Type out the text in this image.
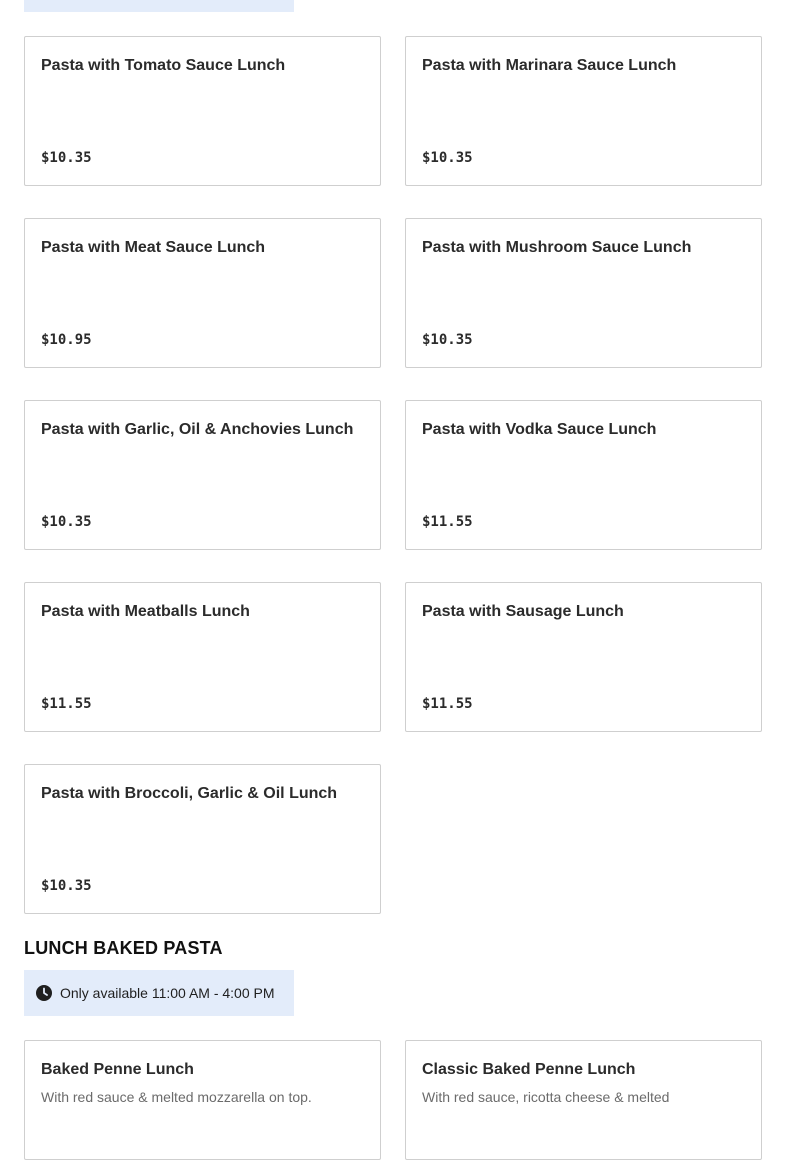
Pasta with Tomato Sauce Lunch
$10.35
Pasta with Marinara Sauce Lunch
$10.35
Pasta with Meat Sauce Lunch
$10.95
Pasta with Mushroom Sauce Lunch
$10.35
Pasta with Garlic, Oil & Anchovies Lunch
$10.35
Pasta with Vodka Sauce Lunch
$11.55
Pasta with Meatballs Lunch
$11.55
Pasta with Sausage Lunch
$11.55
Pasta with Broccoli, Garlic & Oil Lunch
$10.35
LUNCH BAKED PASTA
Only available 11:00 AM - 4:00 PM
Baked Penne Lunch
With red sauce & melted mozzarella on top.
Classic Baked Penne Lunch
With red sauce, ricotta cheese & melted
